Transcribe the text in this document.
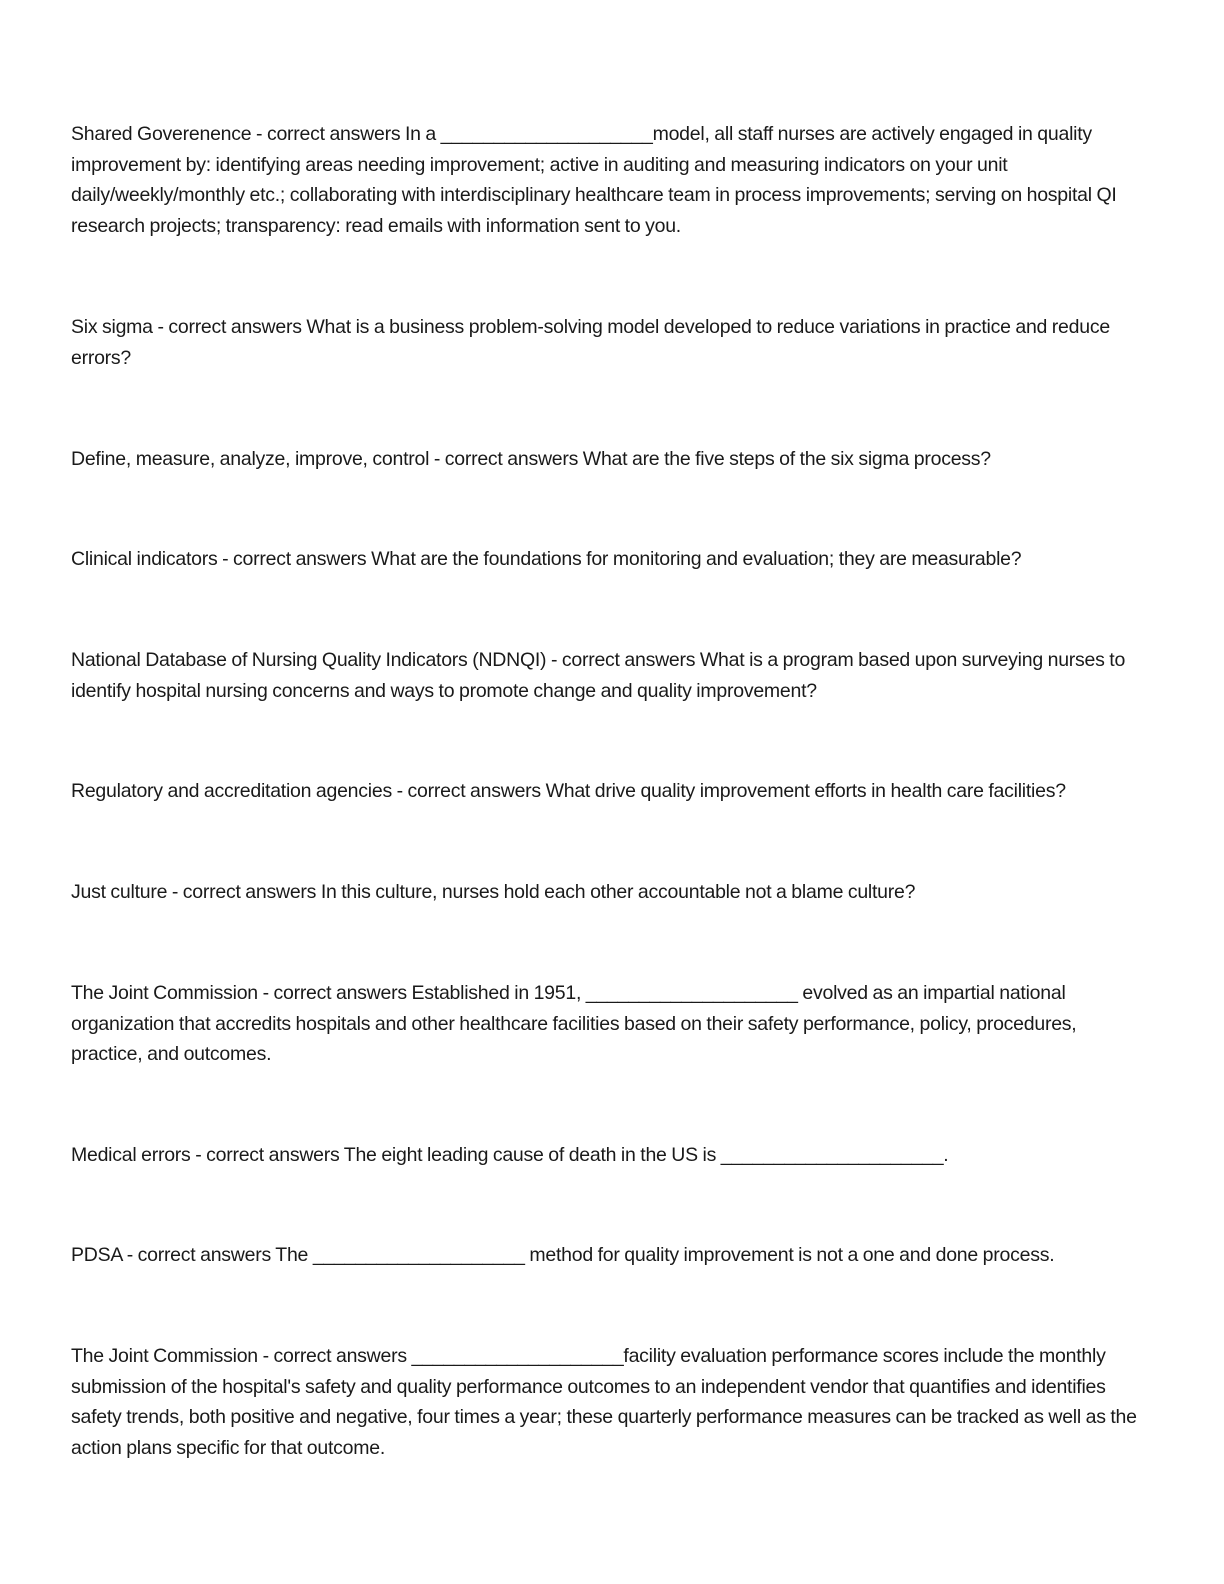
Shared Goverenence - correct answers In a ____________________model, all staff nurses are actively engaged in quality improvement by: identifying areas needing improvement; active in auditing and measuring indicators on your unit daily/weekly/monthly etc.; collaborating with interdisciplinary healthcare team in process improvements; serving on hospital QI research projects; transparency: read emails with information sent to you.

Six sigma - correct answers What is a business problem-solving model developed to reduce variations in practice and reduce errors?

Define, measure, analyze, improve, control - correct answers What are the five steps of the six sigma process?

Clinical indicators - correct answers What are the foundations for monitoring and evaluation; they are measurable?

National Database of Nursing Quality Indicators (NDNQI) - correct answers What is a program based upon surveying nurses to identify hospital nursing concerns and ways to promote change and quality improvement?

Regulatory and accreditation agencies - correct answers What drive quality improvement efforts in health care facilities?

Just culture - correct answers In this culture, nurses hold each other accountable not a blame culture?

The Joint Commission - correct answers Established in 1951, ____________________ evolved as an impartial national organization that accredits hospitals and other healthcare facilities based on their safety performance, policy, procedures, practice, and outcomes.

Medical errors - correct answers The eight leading cause of death in the US is _____________________.

PDSA - correct answers The ____________________ method for quality improvement is not a one and done process.

The Joint Commission - correct answers ____________________facility evaluation performance scores include the monthly submission of the hospital's safety and quality performance outcomes to an independent vendor that quantifies and identifies safety trends, both positive and negative, four times a year; these quarterly performance measures can be tracked as well as the action plans specific for that outcome.
